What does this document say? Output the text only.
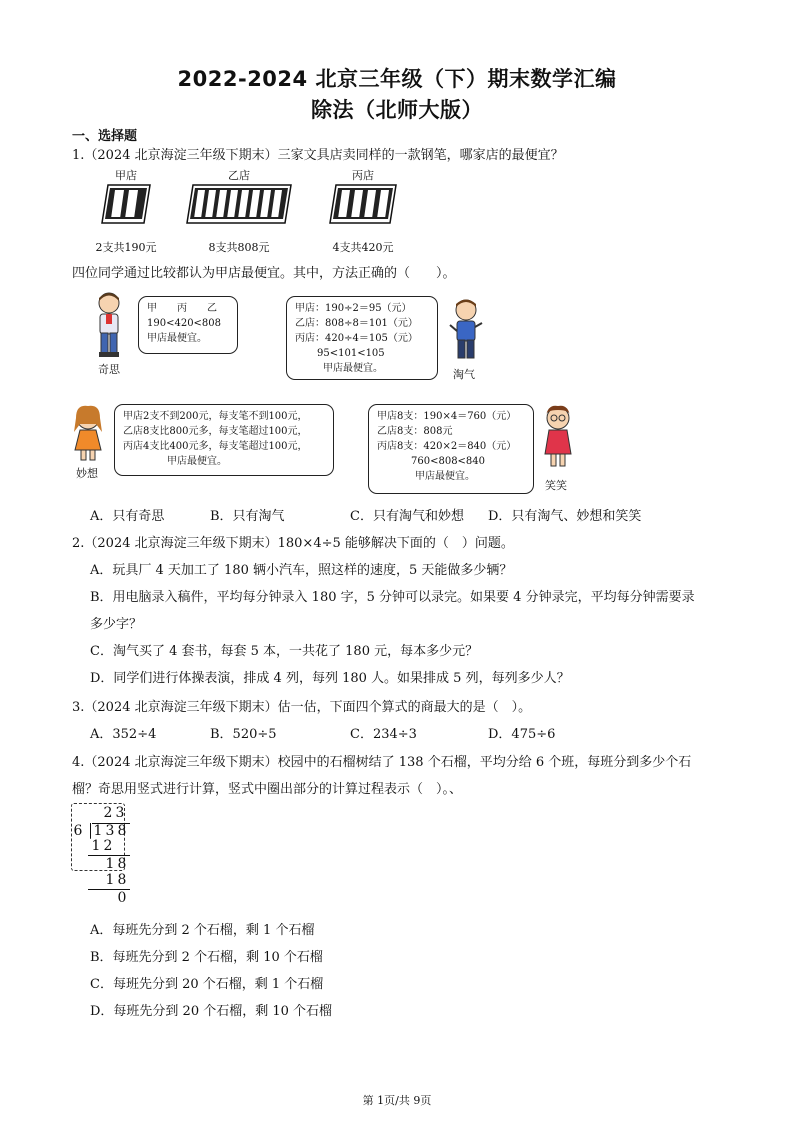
2022-2024 北京三年级（下）期末数学汇编
除法（北师大版）
一、选择题
1.（2024 北京海淀三年级下期末）三家文具店卖同样的一款钢笔，哪家店的最便宜？
甲店
2支共190元
乙店
8支共808元
丙店
4支共420元
四位同学通过比较都认为甲店最便宜。其中，方法正确的（　　）。
奇思
甲　　丙　　乙
190<420<808
甲店最便宜。
甲店：190÷2＝95（元）
乙店：808÷8＝101（元）
丙店：420÷4＝105（元）
95<101<105
甲店最便宜。	淘气
妙想
甲店2支不到200元，每支笔不到100元，
乙店8支比800元多，每支笔超过100元，
丙店4支比400元多，每支笔超过100元，
甲店最便宜。
甲店8支：190×4＝760（元）
乙店8支：808元
丙店8支：420×2＝840（元）
760<808<840
甲店最便宜。
笑笑
A．只有奇思	B．只有淘气	C．只有淘气和妙想 D．只有淘气、妙想和笑笑
2.（2024 北京海淀三年级下期末）180×4÷5 能够解决下面的（　）问题。
A．玩具厂 4 天加工了 180 辆小汽车，照这样的速度，5 天能做多少辆？
B．用电脑录入稿件，平均每分钟录入 180 字，5 分钟可以录完。如果要 4 分钟录完，平均每分钟需要录
多少字？
C．淘气买了 4 套书，每套 5 本，一共花了 180 元，每本多少元？
D．同学们进行体操表演，排成 4 列，每列 180 人。如果排成 5 列，每列多少人？
3.（2024 北京海淀三年级下期末）估一估，下面四个算式的商最大的是（　）。
A．352÷4	B．520÷5	C．234÷3	D．475÷6
4.（2024 北京海淀三年级下期末）校园中的石榴树结了 138 个石榴，平均分给 6 个班，每班分到多少个石
榴？奇思用竖式进行计算，竖式中圈出部分的计算过程表示（　）。、
2 3
6 1 3 8
1 2
1 8
1 8
0
A．每班先分到 2 个石榴，剩 1 个石榴
B．每班先分到 2 个石榴，剩 10 个石榴
C．每班先分到 20 个石榴，剩 1 个石榴
D．每班先分到 20 个石榴，剩 10 个石榴
第 1页/共 9页
